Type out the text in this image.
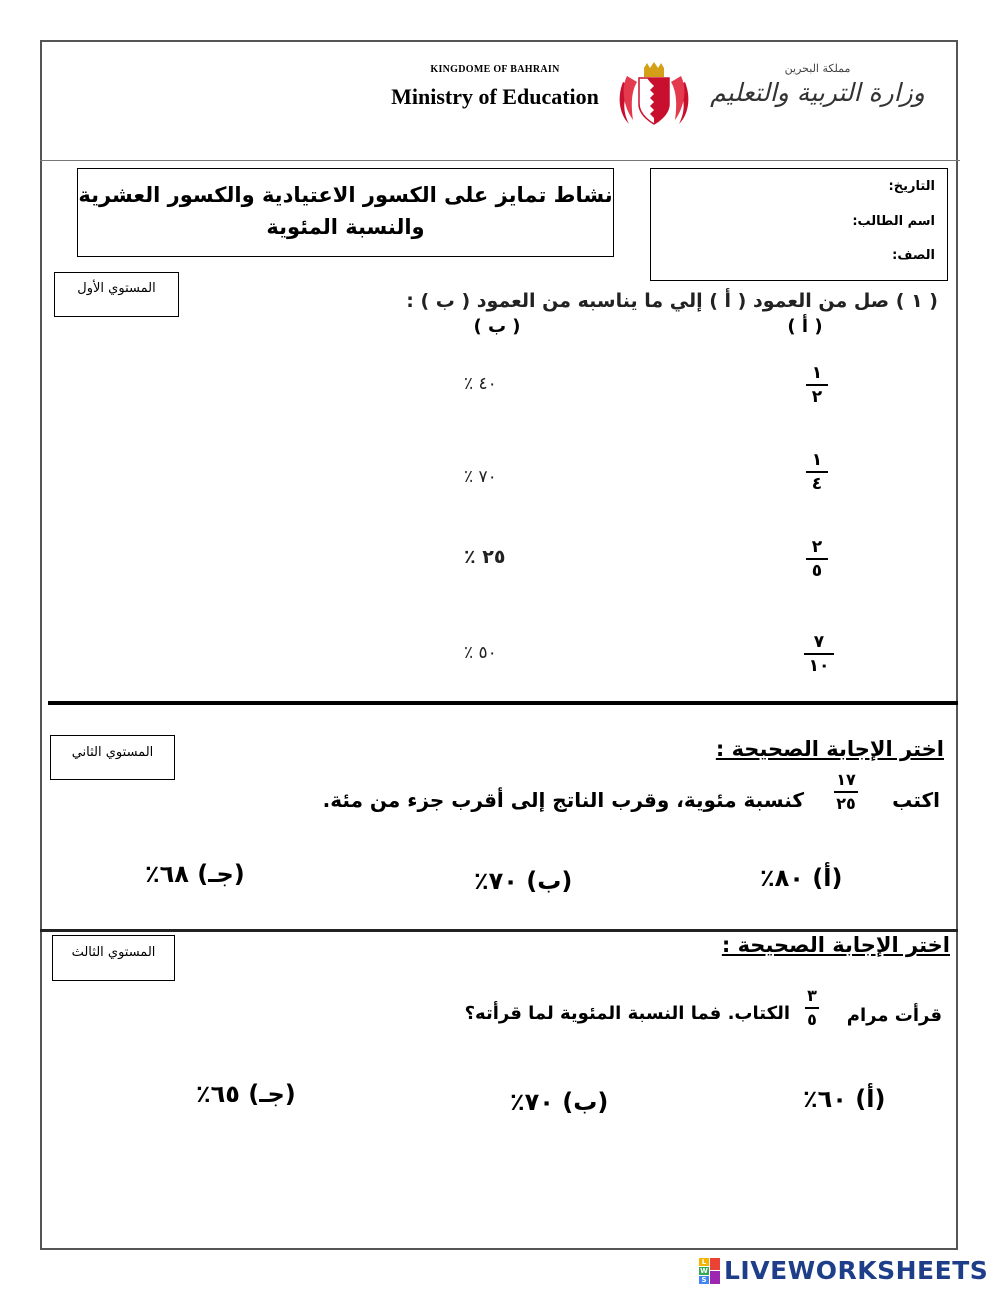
KINGDOME OF BAHRAIN
Ministry of Education
مملكة البحرين
وزارة التربية والتعليم
نشاط تمايز على الكسور الاعتيادية والكسور العشرية
والنسبة المئوية
التاريخ:
اسم الطالب:
الصف:
المستوي الأول
( ١ ) صل من العمود ( أ ) إلي ما يناسبه من العمود ( ب ) :
( أ )
( ب )
١
٢
١
٤
٢
٥
٧
١٠
٪ ٤٠
٪ ٧٠
٪ ٢٥
٪ ٥٠
المستوي الثاني	اختر الإجابة الصحيحة :
اكتب
١٧
٢٥
كنسبة مئوية، وقرب الناتج إلى أقرب جزء من مئة.
(أ) ٨٠٪
(ب) ٧٠٪
(جـ) ٦٨٪
المستوي الثالث	اختر الإجابة الصحيحة :
قرأت مرام
٣
٥
الكتاب. فما النسبة المئوية لما قرأته؟
(أ) ٦٠٪
(ب) ٧٠٪
(جـ) ٦٥٪
L
W
S LIVEWORKSHEETS
